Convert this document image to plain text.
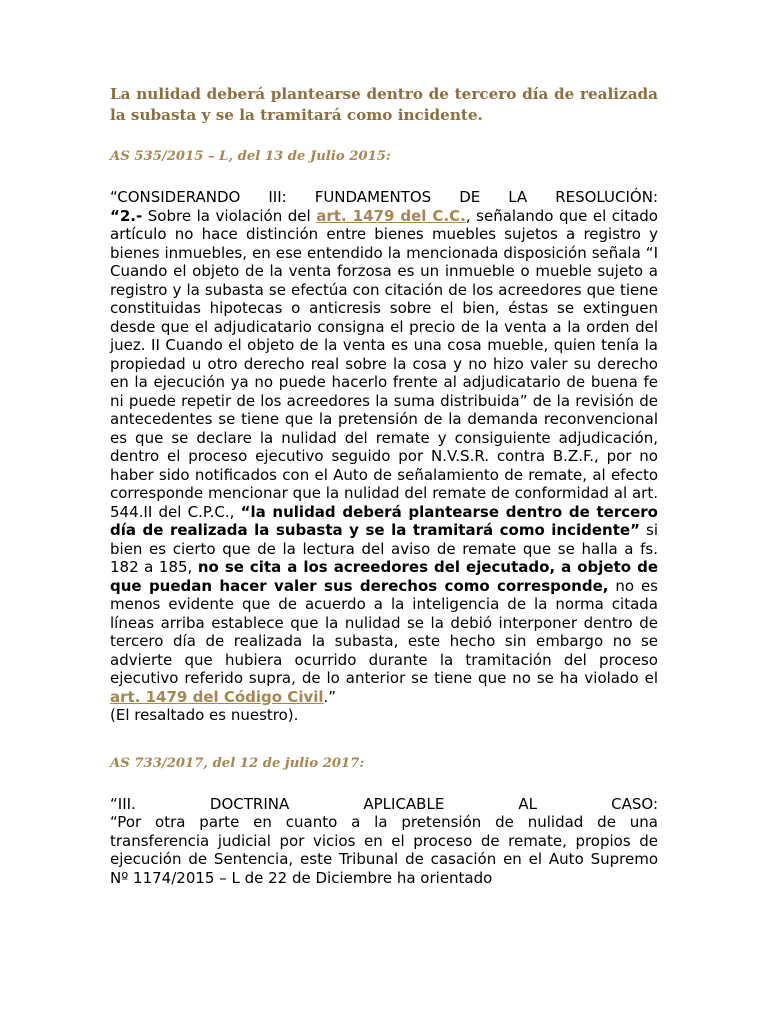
La nulidad deberá plantearse dentro de tercero día de realizada la subasta y se la tramitará como incidente.

AS 535/2015 – L, del 13 de Julio 2015:

“CONSIDERANDO III: FUNDAMENTOS DE LA RESOLUCIÓN:
“2.- Sobre la violación del art. 1479 del C.C., señalando que el citado artículo no hace distinción entre bienes muebles sujetos a registro y bienes inmuebles, en ese entendido la mencionada disposición señala “I Cuando el objeto de la venta forzosa es un inmueble o mueble sujeto a registro y la subasta se efectúa con citación de los acreedores que tiene constituidas hipotecas o anticresis sobre el bien, éstas se extinguen desde que el adjudicatario consigna el precio de la venta a la orden del juez. II Cuando el objeto de la venta es una cosa mueble, quien tenía la propiedad u otro derecho real sobre la cosa y no hizo valer su derecho en la ejecución ya no puede hacerlo frente al adjudicatario de buena fe ni puede repetir de los acreedores la suma distribuida” de la revisión de antecedentes se tiene que la pretensión de la demanda reconvencional es que se declare la nulidad del remate y consiguiente adjudicación, dentro el proceso ejecutivo seguido por N.V.S.R. contra B.Z.F., por no haber sido notificados con el Auto de señalamiento de remate, al efecto corresponde mencionar que la nulidad del remate de conformidad al art. 544.II del C.P.C., “la nulidad deberá plantearse dentro de tercero día de realizada la subasta y se la tramitará como incidente” si bien es cierto que de la lectura del aviso de remate que se halla a fs. 182 a 185, no se cita a los acreedores del ejecutado, a objeto de que puedan hacer valer sus derechos como corresponde, no es menos evidente que de acuerdo a la inteligencia de la norma citada líneas arriba establece que la nulidad se la debió interponer dentro de tercero día de realizada la subasta, este hecho sin embargo no se advierte que hubiera ocurrido durante la tramitación del proceso ejecutivo referido supra, de lo anterior se tiene que no se ha violado el art. 1479 del Código Civil.”
(El resaltado es nuestro).

AS 733/2017, del 12 de julio 2017:

“III. DOCTRINA APLICABLE AL CASO:
“Por otra parte en cuanto a la pretensión de nulidad de una transferencia judicial por vicios en el proceso de remate, propios de ejecución de Sentencia, este Tribunal de casación en el Auto Supremo Nº 1174/2015 – L de 22 de Diciembre ha orientado
